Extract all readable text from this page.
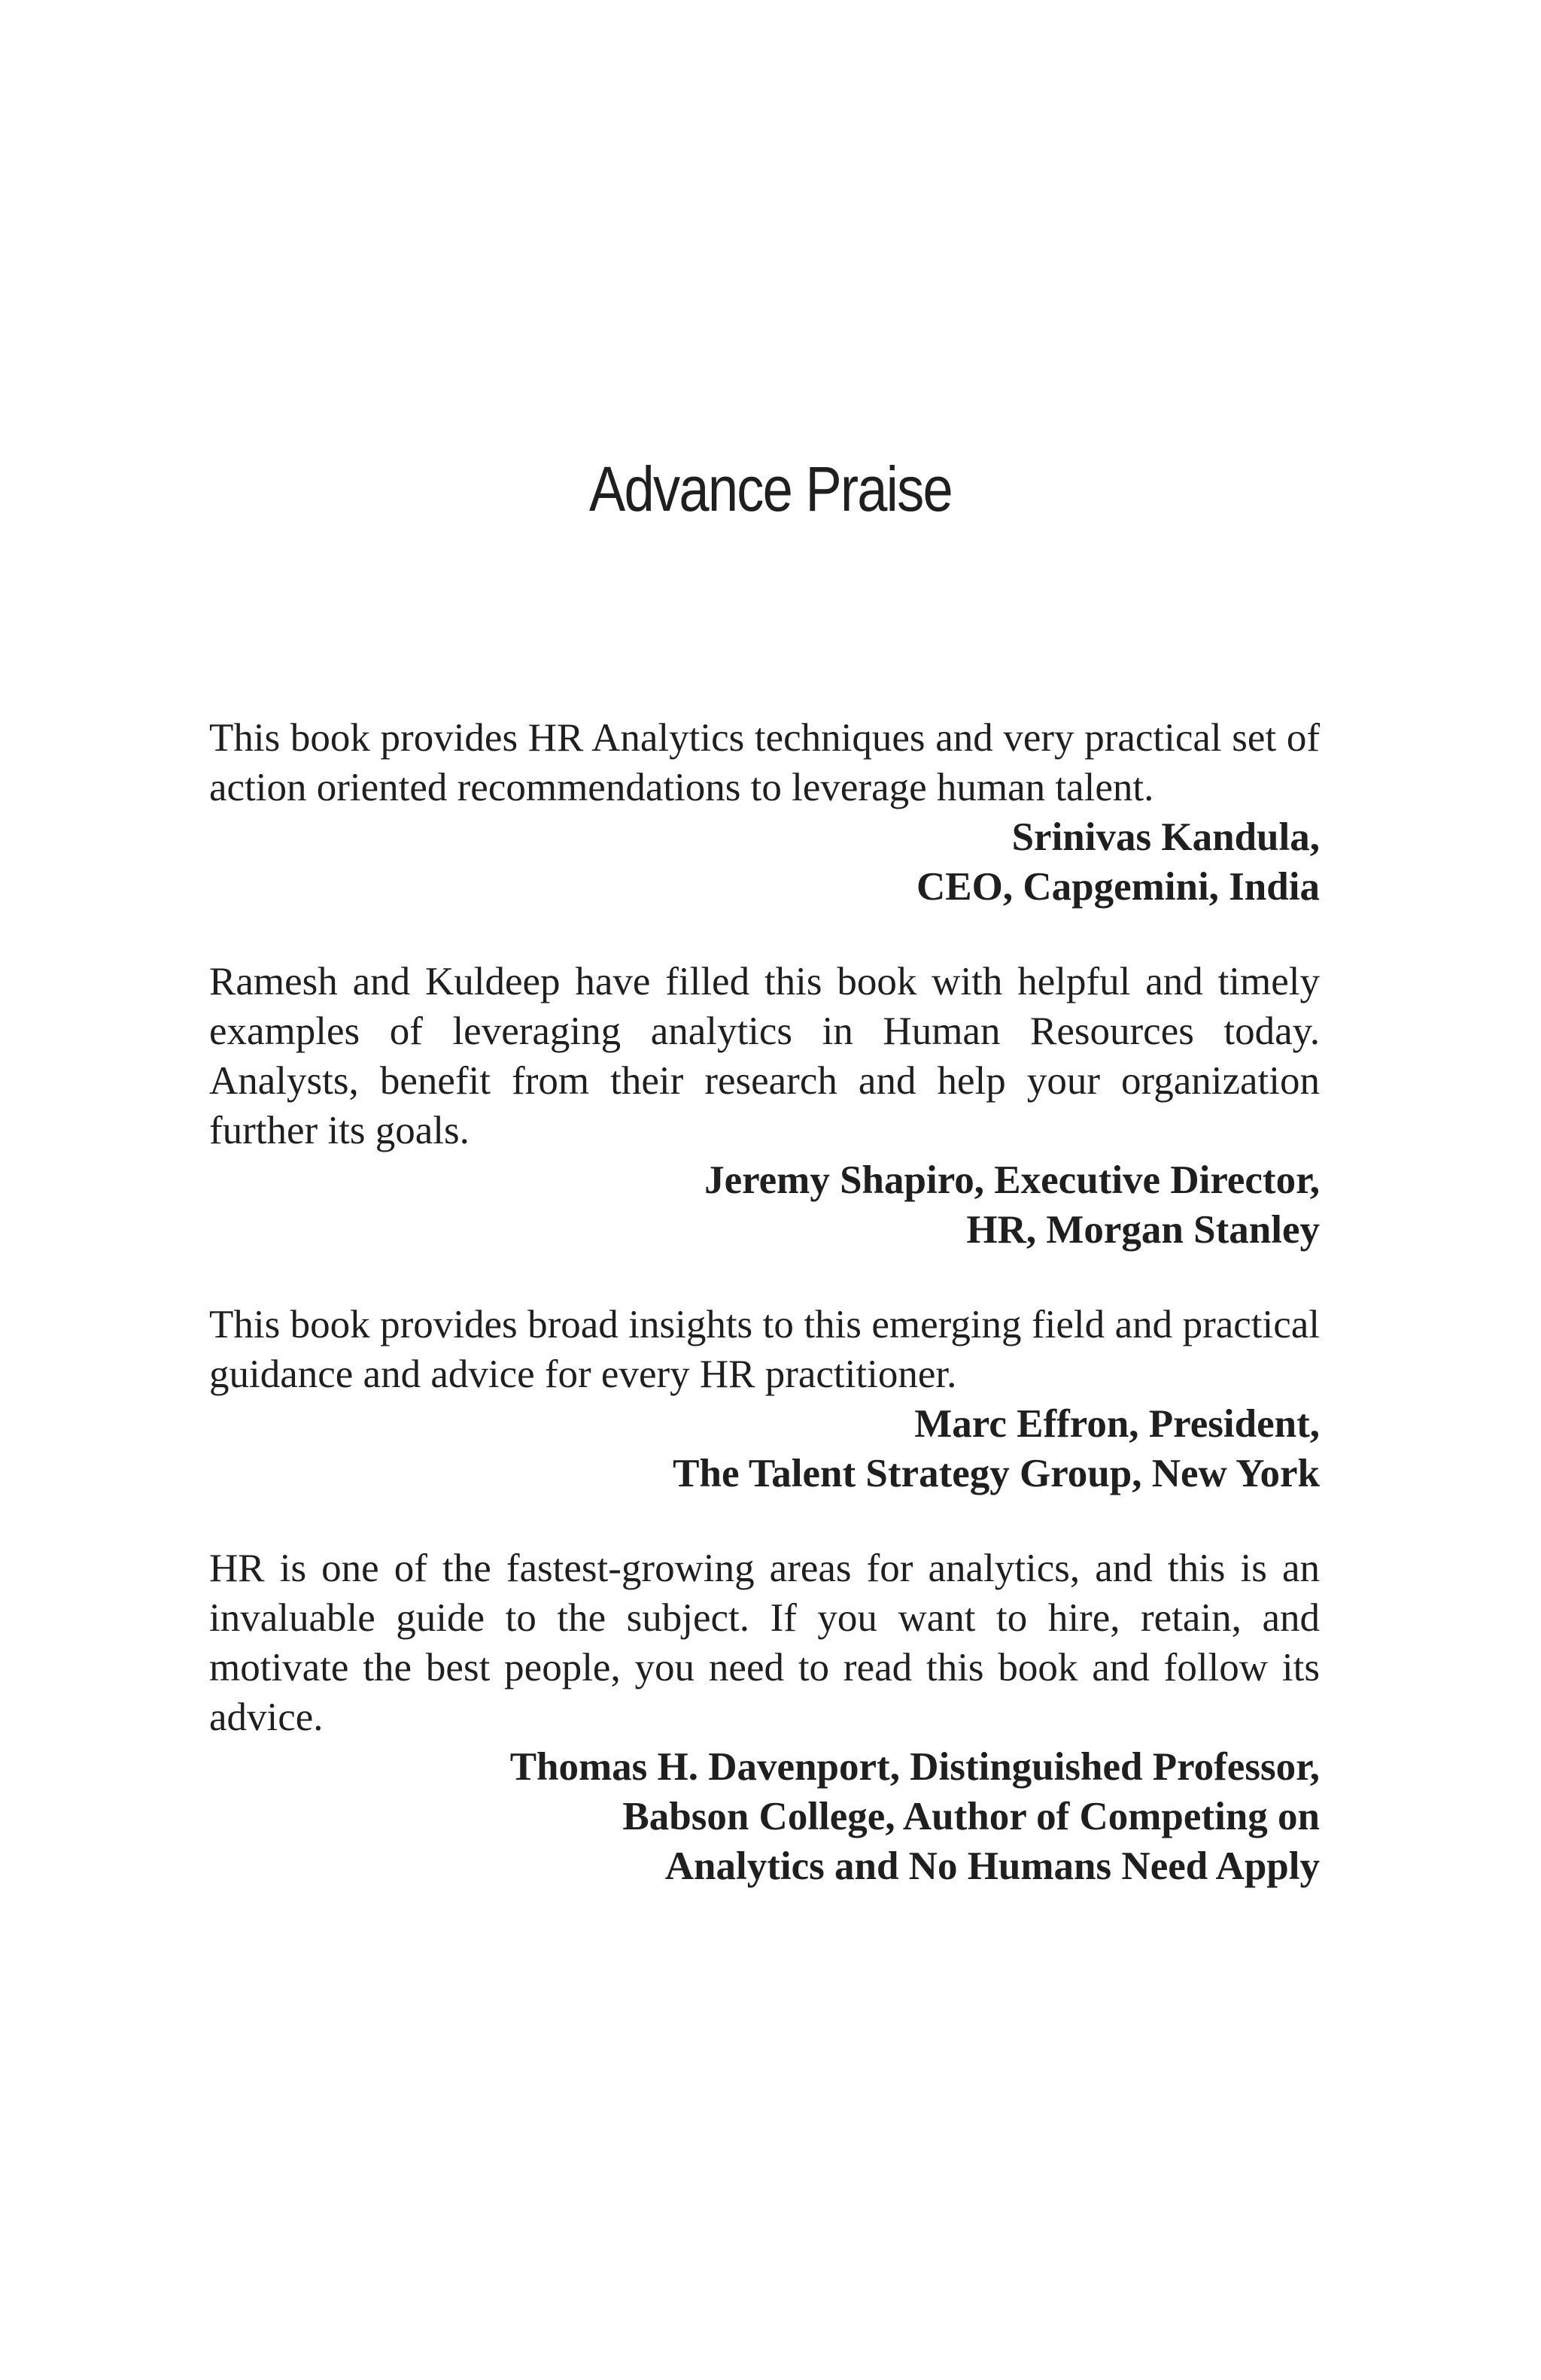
Advance Praise

This book provides HR Analytics techniques and very practical set of action oriented recommendations to leverage human talent.

Srinivas Kandula,
CEO, Capgemini, India

Ramesh and Kuldeep have filled this book with helpful and timely examples of leveraging analytics in Human Resources today. Analysts, benefit from their research and help your organization further its goals.

Jeremy Shapiro, Executive Director,
HR, Morgan Stanley

This book provides broad insights to this emerging field and practical guidance and advice for every HR practitioner.

Marc Effron, President,
The Talent Strategy Group, New York

HR is one of the fastest-growing areas for analytics, and this is an invaluable guide to the subject. If you want to hire, retain, and motivate the best people, you need to read this book and follow its advice.

Thomas H. Davenport, Distinguished Professor,
Babson College, Author of Competing on
Analytics and No Humans Need Apply
